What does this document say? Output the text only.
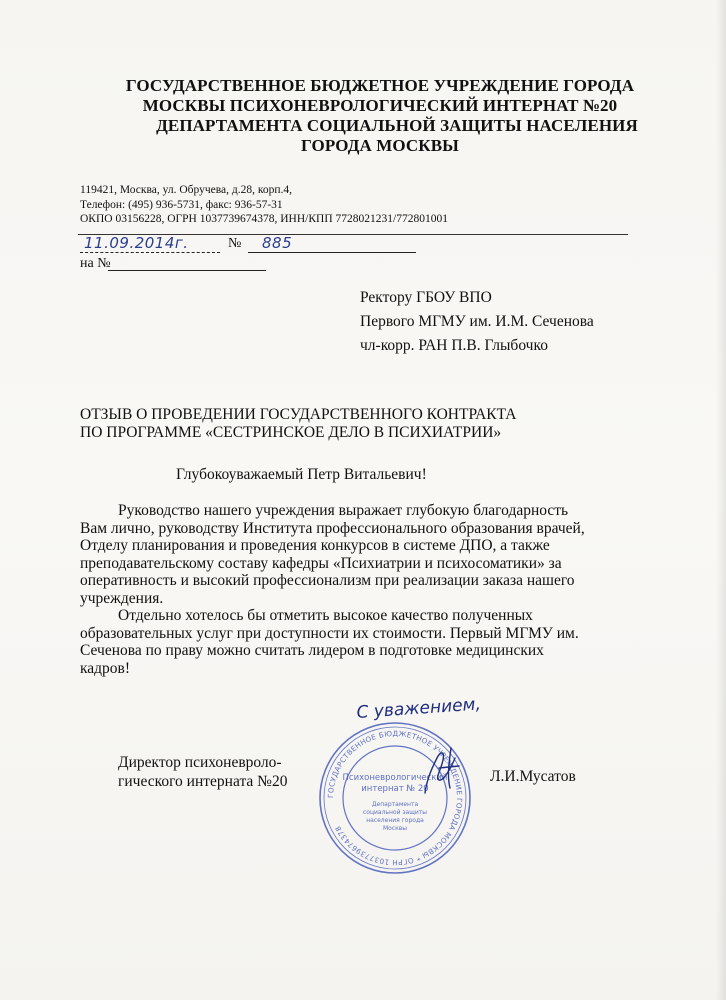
ГОСУДАРСТВЕННОЕ БЮДЖЕТНОЕ УЧРЕЖДЕНИЕ ГОРОДА
МОСКВЫ ПСИХОНЕВРОЛОГИЧЕСКИЙ ИНТЕРНАТ №20
ДЕПАРТАМЕНТА СОЦИАЛЬНОЙ ЗАЩИТЫ НАСЕЛЕНИЯ
ГОРОДА МОСКВЫ
119421, Москва, ул. Обручева, д.28, корп.4,
Телефон: (495) 936-5731, факс: 936-57-31
ОКПО 03156228, ОГРН 1037739674378, ИНН/КПП 7728021231/772801001
11.09.2014г.	№ 885
на №
Ректору ГБОУ ВПО
Первого МГМУ им. И.М. Сеченова
чл-корр. РАН П.В. Глыбочко
ОТЗЫВ О ПРОВЕДЕНИИ ГОСУДАРСТВЕННОГО КОНТРАКТА
ПО ПРОГРАММЕ «СЕСТРИНСКОЕ ДЕЛО В ПСИХИАТРИИ»
Глубокоуважаемый Петр Витальевич!
Руководство нашего учреждения выражает глубокую благодарность
Вам лично, руководству Института профессионального образования врачей,
Отделу планирования и проведения конкурсов в системе ДПО, а также
преподавательскому составу кафедры «Психиатрии и психосоматики» за
оперативность и высокий профессионализм при реализации заказа нашего
учреждения.
Отдельно хотелось бы отметить высокое качество полученных
образовательных услуг при доступности их стоимости. Первый МГМУ им.
Сеченова по праву можно считать лидером в подготовке медицинских
кадров!
Директор психоневроло-
гического интерната №20	Л.И.Мусатов
ГОСУДАРСТВЕННОЕ БЮДЖЕТНОЕ УЧРЕЖДЕНИЕ ГОРОДА МОСКВЫ * ОГРН 1037739674378
Психоневрологический
интернат № 20
Департамента
социальной защиты
населения города
Москвы
С уважением,
